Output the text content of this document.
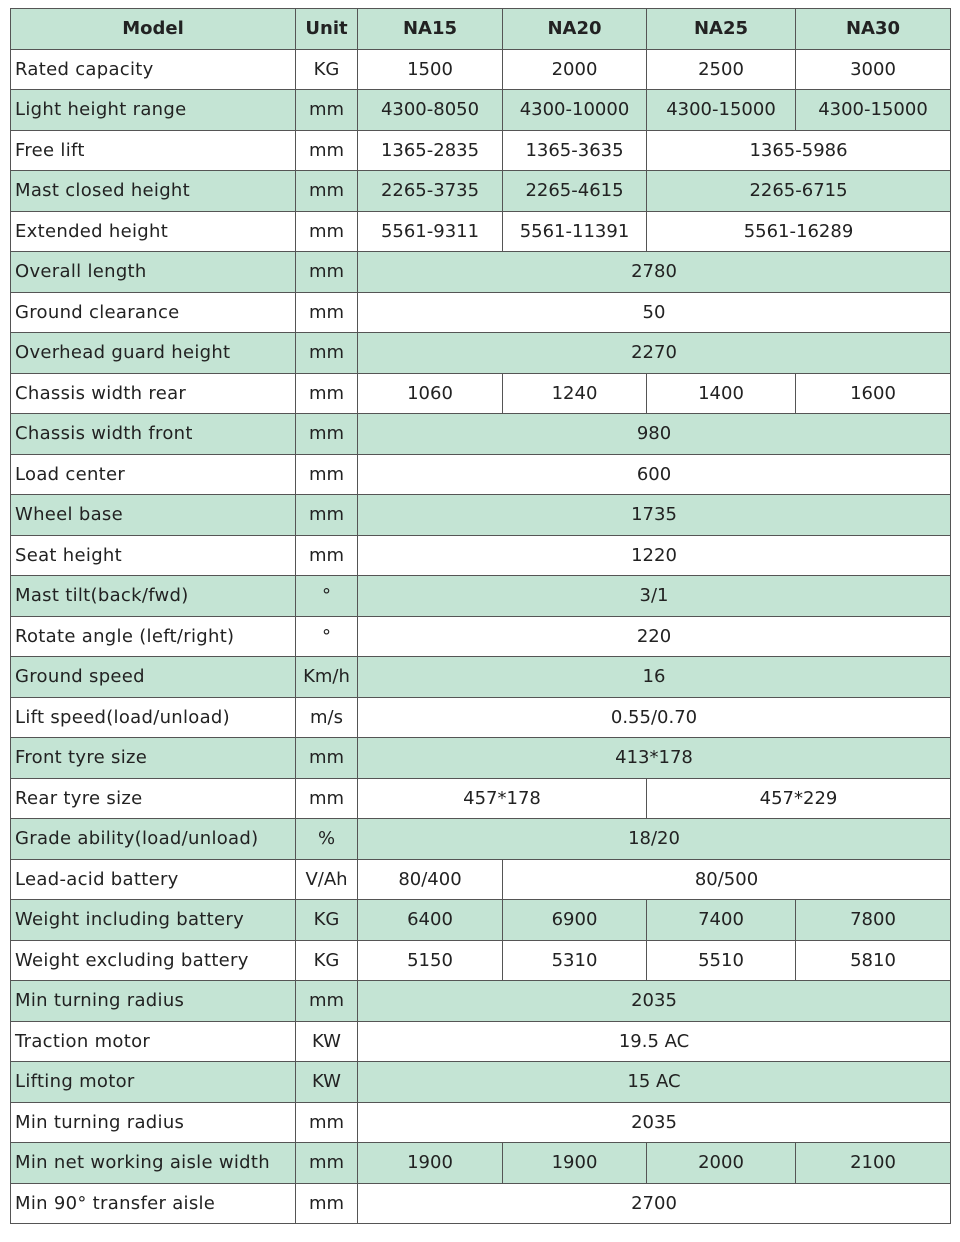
Model	Unit	NA15	NA20	NA25	NA30
Rated capacity	KG	1500	2000	2500	3000
Light height range	mm	4300-8050	4300-10000	4300-15000	4300-15000
Free lift	mm	1365-2835	1365-3635	1365-5986	
Mast closed height	mm	2265-3735	2265-4615	2265-6715	
Extended height	mm	5561-9311	5561-11391	5561-16289	
Overall length	mm	2780			
Ground clearance	mm	50			
Overhead guard height	mm	2270			
Chassis width rear	mm	1060	1240	1400	1600
Chassis width front	mm	980			
Load center	mm	600			
Wheel base	mm	1735			
Seat height	mm	1220			
Mast tilt(back/fwd)	°	3/1			
Rotate angle (left/right)	°	220			
Ground speed	Km/h	16			
Lift speed(load/unload)	m/s	0.55/0.70			
Front tyre size	mm	413*178			
Rear tyre size	mm	457*178		457*229	
Grade ability(load/unload)	%	18/20			
Lead-acid battery	V/Ah	80/400	80/500		
Weight including battery	KG	6400	6900	7400	7800
Weight excluding battery	KG	5150	5310	5510	5810
Min turning radius	mm	2035			
Traction motor	KW	19.5 AC			
Lifting motor	KW	15 AC			
Min turning radius	mm	2035			
Min net working aisle width	mm	1900	1900	2000	2100
Min 90° transfer aisle	mm	2700			
